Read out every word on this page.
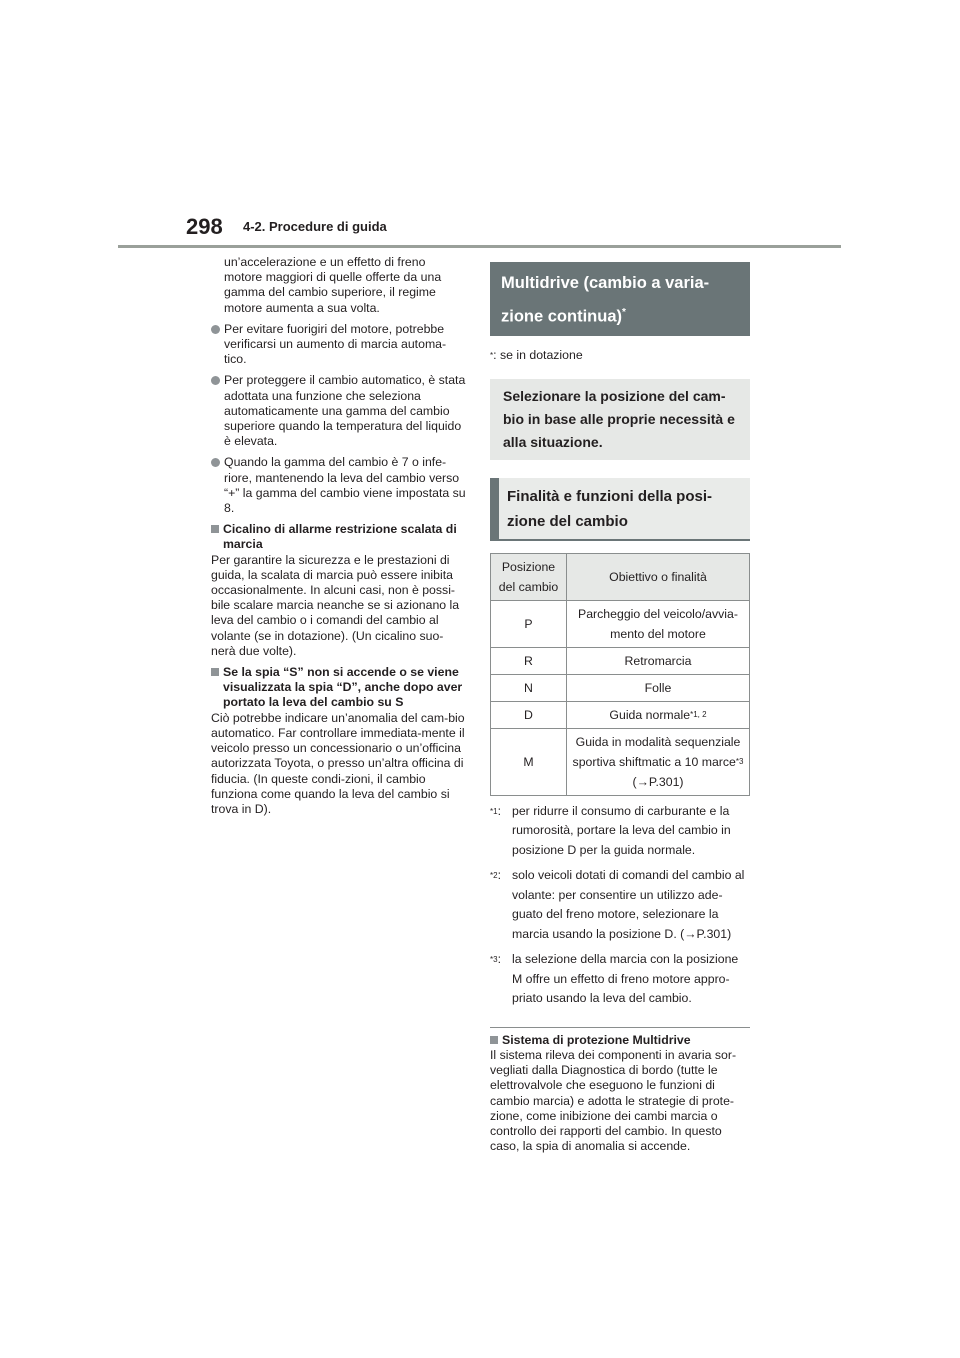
298 4-2. Procedure di guida
un’accelerazione e un effetto di freno motore maggiori di quelle offerte da una gamma del cambio superiore, il regime motore aumenta a sua volta.
Per evitare fuorigiri del motore, potrebbe verificarsi un aumento di marcia automa-tico.
Per proteggere il cambio automatico, è stata adottata una funzione che seleziona automaticamente una gamma del cambio superiore quando la temperatura del liquido è elevata.
Quando la gamma del cambio è 7 o infe-riore, mantenendo la leva del cambio verso “+” la gamma del cambio viene impostata su 8.
Cicalino di allarme restrizione scalata di marcia
Per garantire la sicurezza e le prestazioni di guida, la scalata di marcia può essere inibita occasionalmente. In alcuni casi, non è possi-bile scalare marcia neanche se si azionano la leva del cambio o i comandi del cambio al volante (se in dotazione). (Un cicalino suo-nerà due volte).
Se la spia “S” non si accende o se viene visualizzata la spia “D”, anche dopo aver portato la leva del cambio su S
Ciò potrebbe indicare un’anomalia del cam-bio automatico. Far controllare immediata-mente il veicolo presso un concessionario o un’officina autorizzata Toyota, o presso un’altra officina di fiducia. (In queste condi-zioni, il cambio funziona come quando la leva del cambio si trova in D).
Multidrive (cambio a varia-zione continua)*
*: se in dotazione
Selezionare la posizione del cam-bio in base alle proprie necessità e alla situazione.
Finalità e funzioni della posi-zione del cambio
Posizione del cambio	Obiettivo o finalità
P	Parcheggio del veicolo/avvia-mento del motore
R	Retromarcia
N	Folle
D	Guida normale$^{*1, 2}$
M	Guida in modalità sequenziale sportiva shiftmatic a 10 marce$^{*3}$ (→P.301)
$^{*1}$: per ridurre il consumo di carburante e la rumorosità, portare la leva del cambio in posizione D per la guida normale.
$^{*2}$: solo veicoli dotati di comandi del cambio al volante: per consentire un utilizzo ade-guato del freno motore, selezionare la marcia usando la posizione D. (→P.301)
$^{*3}$: la selezione della marcia con la posizione M offre un effetto di freno motore appro-priato usando la leva del cambio.
Sistema di protezione Multidrive
Il sistema rileva dei componenti in avaria sor-vegliati dalla Diagnostica di bordo (tutte le elettrovalvole che eseguono le funzioni di cambio marcia) e adotta le strategie di prote-zione, come inibizione dei cambi marcia o controllo dei rapporti del cambio. In questo caso, la spia di anomalia si accende.
